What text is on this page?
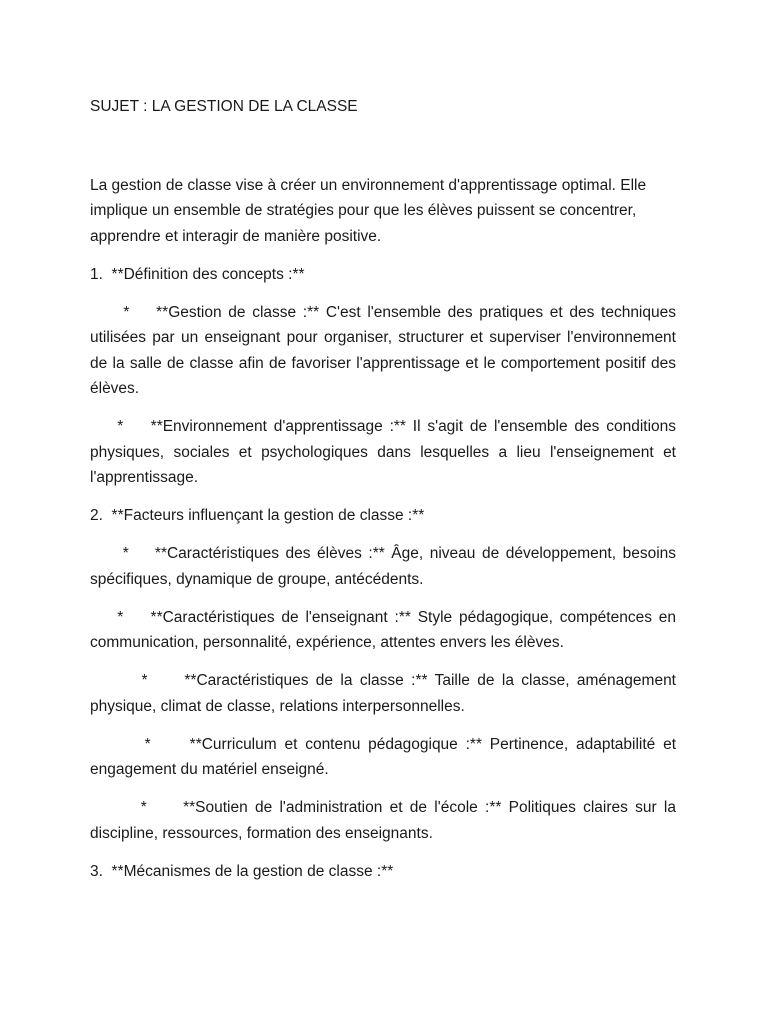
SUJET : LA GESTION DE LA CLASSE

La gestion de classe vise à créer un environnement d'apprentissage optimal. Elle implique un ensemble de stratégies pour que les élèves puissent se concentrer, apprendre et interagir de manière positive.

1.  **Définition des concepts :**

*    **Gestion de classe :** C'est l'ensemble des pratiques et des techniques utilisées par un enseignant pour organiser, structurer et superviser l'environnement de la salle de classe afin de favoriser l'apprentissage et le comportement positif des élèves.

*    **Environnement d'apprentissage :** Il s'agit de l'ensemble des conditions physiques, sociales et psychologiques dans lesquelles a lieu l'enseignement et l'apprentissage.

2.  **Facteurs influençant la gestion de classe :**

*    **Caractéristiques des élèves :** Âge, niveau de développement, besoins spécifiques, dynamique de groupe, antécédents.

*    **Caractéristiques de l'enseignant :** Style pédagogique, compétences en communication, personnalité, expérience, attentes envers les élèves.

*     **Caractéristiques de la classe :** Taille de la classe, aménagement physique, climat de classe, relations interpersonnelles.

*     **Curriculum et contenu pédagogique :** Pertinence, adaptabilité et engagement du matériel enseigné.

*     **Soutien de l'administration et de l'école :** Politiques claires sur la discipline, ressources, formation des enseignants.

3.  **Mécanismes de la gestion de classe :**
